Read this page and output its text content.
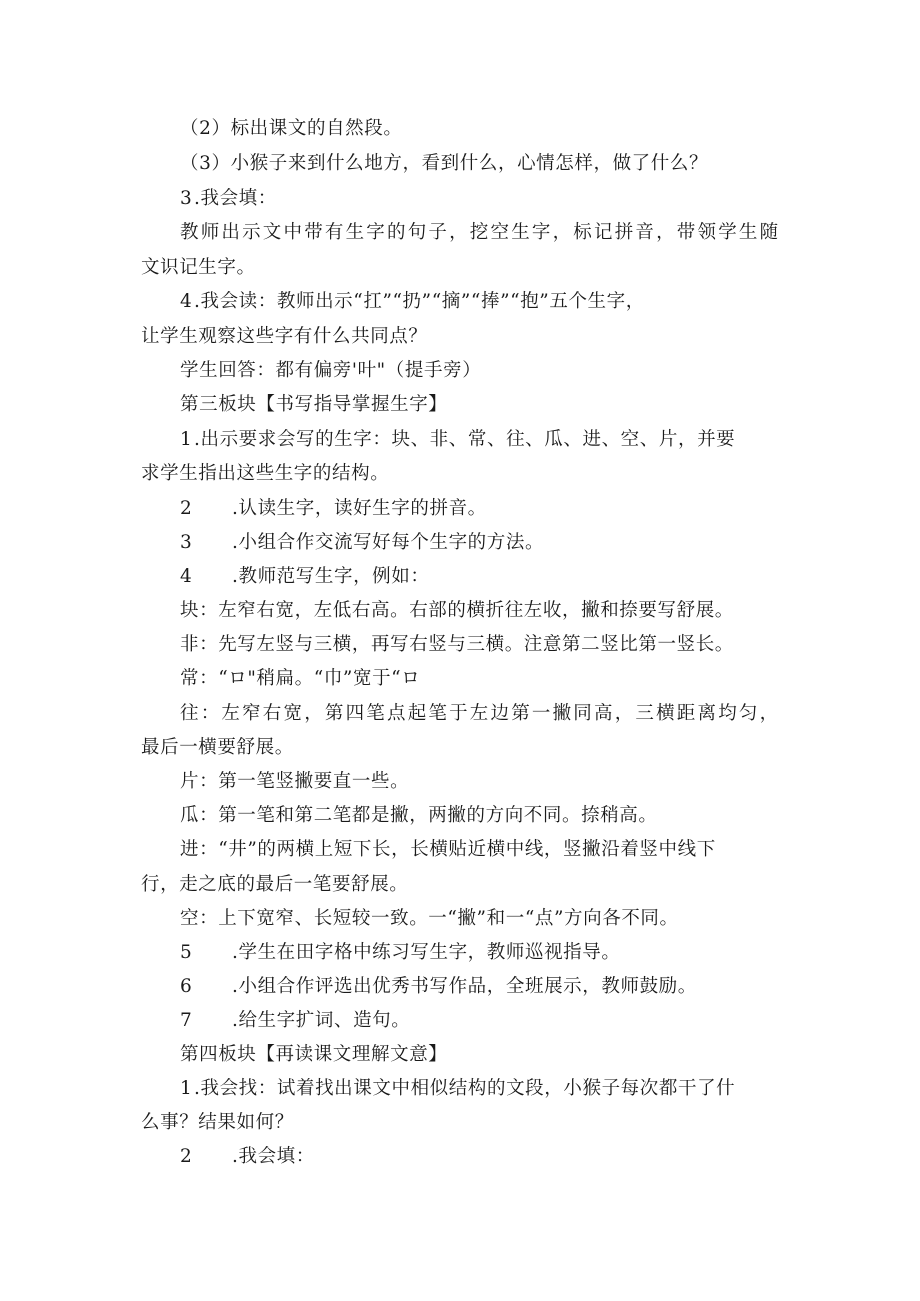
（2）标出课文的自然段。
（3）小猴子来到什么地方，看到什么，心情怎样，做了什么？
3.我会填：
教师出示文中带有生字的句子，挖空生字，标记拼音，带领学生随
文识记生字。
4.我会读：教师出示“扛”“扔”“摘”“捧”“抱”五个生字，
让学生观察这些字有什么共同点？
学生回答：都有偏旁'叶"（提手旁）
第三板块【书写指导掌握生字】
1.出示要求会写的生字：块、非、常、往、瓜、进、空、片，并要
求学生指出这些生字的结构。
2 .认读生字，读好生字的拼音。
3 .小组合作交流写好每个生字的方法。
4 .教师范写生字，例如：
块：左窄右宽，左低右高。右部的横折往左收，撇和捺要写舒展。
非：先写左竖与三横，再写右竖与三横。注意第二竖比第一竖长。
常：“ロ"稍扁。“巾”宽于“ロ
往：左窄右宽，第四笔点起笔于左边第一撇同高，三横距离均匀，
最后一横要舒展。
片：第一笔竖撇要直一些。
瓜：第一笔和第二笔都是撇，两撇的方向不同。捺稍高。
进：“井”的两横上短下长，长横贴近横中线，竖撇沿着竖中线下
行，走之底的最后一笔要舒展。
空：上下宽窄、长短较一致。一“撇”和一“点”方向各不同。
5 .学生在田字格中练习写生字，教师巡视指导。
6 .小组合作评选出优秀书写作品，全班展示，教师鼓励。
7 .给生字扩词、造句。
第四板块【再读课文理解文意】
1.我会找：试着找出课文中相似结构的文段，小猴子每次都干了什
么事？结果如何？
2 .我会填：
